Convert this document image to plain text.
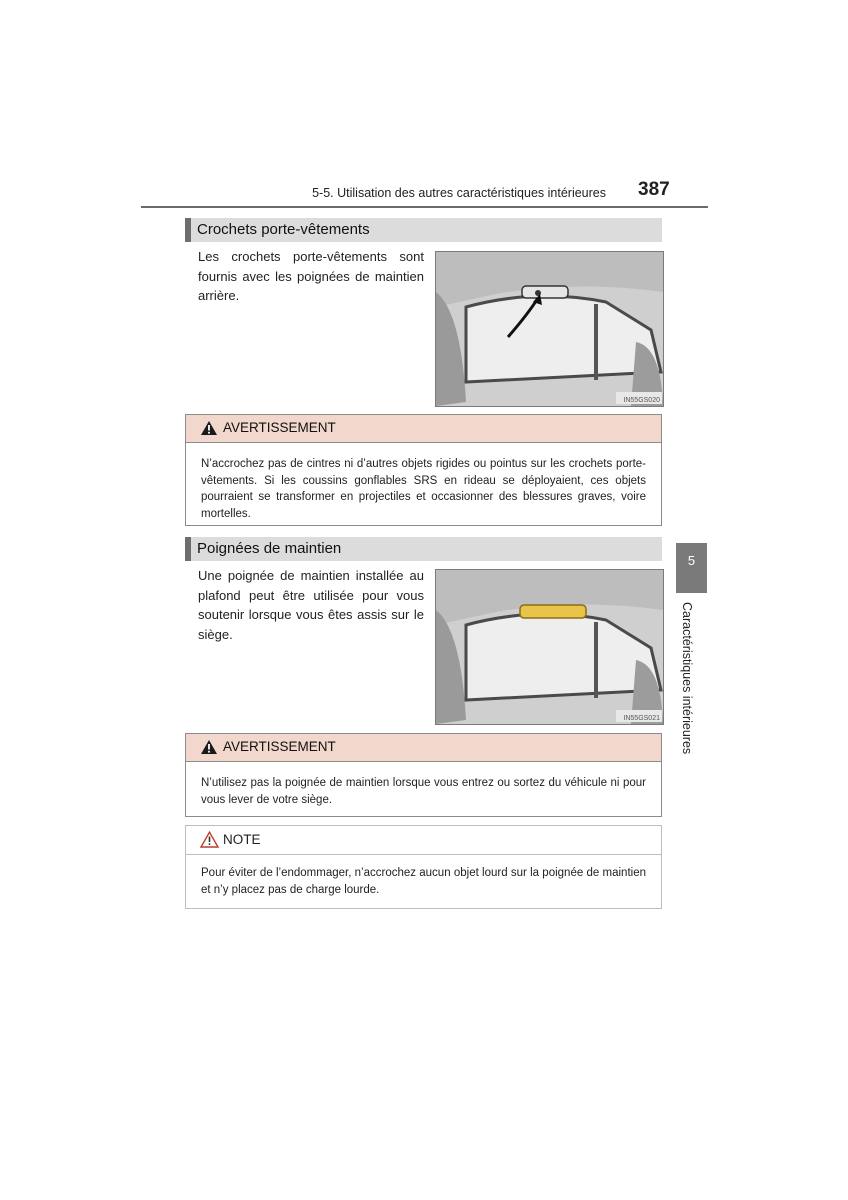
5-5. Utilisation des autres caractéristiques intérieures 387
Crochets porte-vêtements
Les crochets porte-vêtements sont fournis avec les poignées de maintien arrière.
IN55GS020
AVERTISSEMENT
N’accrochez pas de cintres ni d’autres objets rigides ou pointus sur les crochets porte-vêtements. Si les coussins gonflables SRS en rideau se déployaient, ces objets pourraient se transformer en projectiles et occasionner des blessures graves, voire mortelles.
Poignées de maintien
Une poignée de maintien installée au plafond peut être utilisée pour vous soutenir lorsque vous êtes assis sur le siège.
IN55GS021
AVERTISSEMENT
N’utilisez pas la poignée de maintien lorsque vous entrez ou sortez du véhicule ni pour vous lever de votre siège.
NOTE
Pour éviter de l’endommager, n’accrochez aucun objet lourd sur la poignée de maintien et n’y placez pas de charge lourde.
5
Caractéristiques intérieures
